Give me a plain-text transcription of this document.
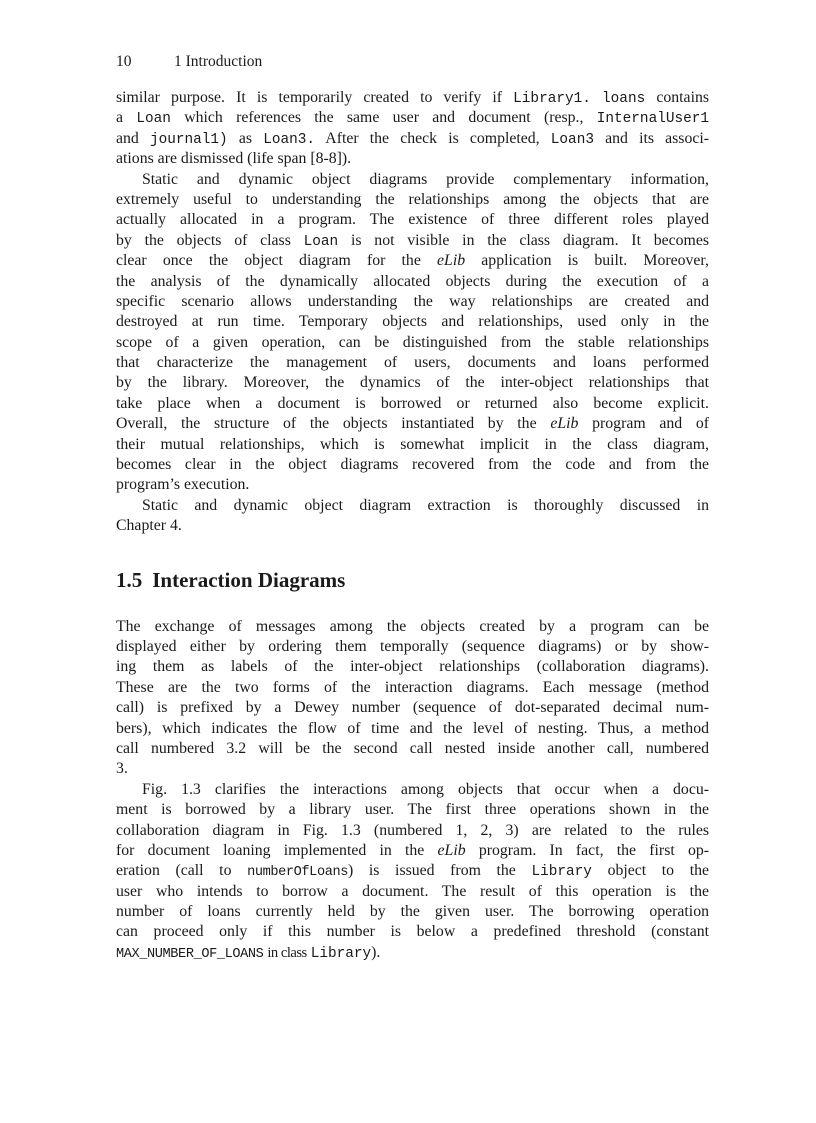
10	1 Introduction
similar purpose. It is temporarily created to verify if Library1. loans contains
a Loan which references the same user and document (resp., InternalUser1
and journal1) as Loan3. After the check is completed, Loan3 and its associ-
ations are dismissed (life span [8-8]).
Static and dynamic object diagrams provide complementary information,
extremely useful to understanding the relationships among the objects that are
actually allocated in a program. The existence of three different roles played
by the objects of class Loan is not visible in the class diagram. It becomes
clear once the object diagram for the eLib application is built. Moreover,
the analysis of the dynamically allocated objects during the execution of a
specific scenario allows understanding the way relationships are created and
destroyed at run time. Temporary objects and relationships, used only in the
scope of a given operation, can be distinguished from the stable relationships
that characterize the management of users, documents and loans performed
by the library. Moreover, the dynamics of the inter-object relationships that
take place when a document is borrowed or returned also become explicit.
Overall, the structure of the objects instantiated by the eLib program and of
their mutual relationships, which is somewhat implicit in the class diagram,
becomes clear in the object diagrams recovered from the code and from the
program’s execution.
Static and dynamic object diagram extraction is thoroughly discussed in
Chapter 4.
1.5 Interaction Diagrams
The exchange of messages among the objects created by a program can be
displayed either by ordering them temporally (sequence diagrams) or by show-
ing them as labels of the inter-object relationships (collaboration diagrams).
These are the two forms of the interaction diagrams. Each message (method
call) is prefixed by a Dewey number (sequence of dot-separated decimal num-
bers), which indicates the flow of time and the level of nesting. Thus, a method
call numbered 3.2 will be the second call nested inside another call, numbered
3.
Fig. 1.3 clarifies the interactions among objects that occur when a docu-
ment is borrowed by a library user. The first three operations shown in the
collaboration diagram in Fig. 1.3 (numbered 1, 2, 3) are related to the rules
for document loaning implemented in the eLib program. In fact, the first op-
eration (call to numberOfLoans) is issued from the Library object to the
user who intends to borrow a document. The result of this operation is the
number of loans currently held by the given user. The borrowing operation
can proceed only if this number is below a predefined threshold (constant
MAX_NUMBER_OF_LOANS in class Library).
